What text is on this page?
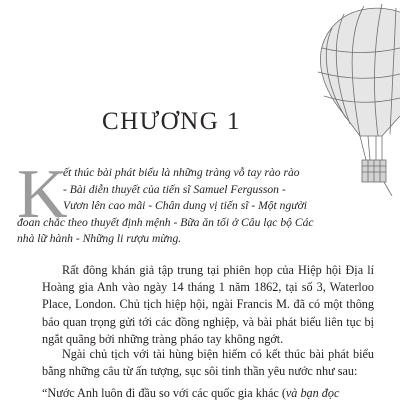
CHƯƠNG 1
K
ết thúc bài phát biểu là những tràng vỗ tay rào rào
- Bài diễn thuyết của tiến sĩ Samuel Fergusson -
Vươn lên cao mãi - Chân dung vị tiến sĩ - Một người
đoan chắc theo thuyết định mệnh - Bữa ăn tối ở Câu lạc bộ Các
nhà lữ hành - Những li rượu mừng.

Rất đông khán giả tập trung tại phiên họp của Hiệp hội Địa lí Hoàng gia Anh vào ngày 14 tháng 1 năm 1862, tại số 3, Waterloo Place, London. Chủ tịch hiệp hội, ngài Francis M. đã có một thông báo quan trọng gửi tới các đồng nghiệp, và bài phát biểu liên tục bị ngắt quãng bởi những tràng pháo tay không ngớt.

Ngài chủ tịch với tài hùng biện hiếm có kết thúc bài phát biểu bằng những câu từ ấn tượng, sục sôi tinh thần yêu nước như sau:

“Nước Anh luôn đi đầu so với các quốc gia khác (và bạn đọc
